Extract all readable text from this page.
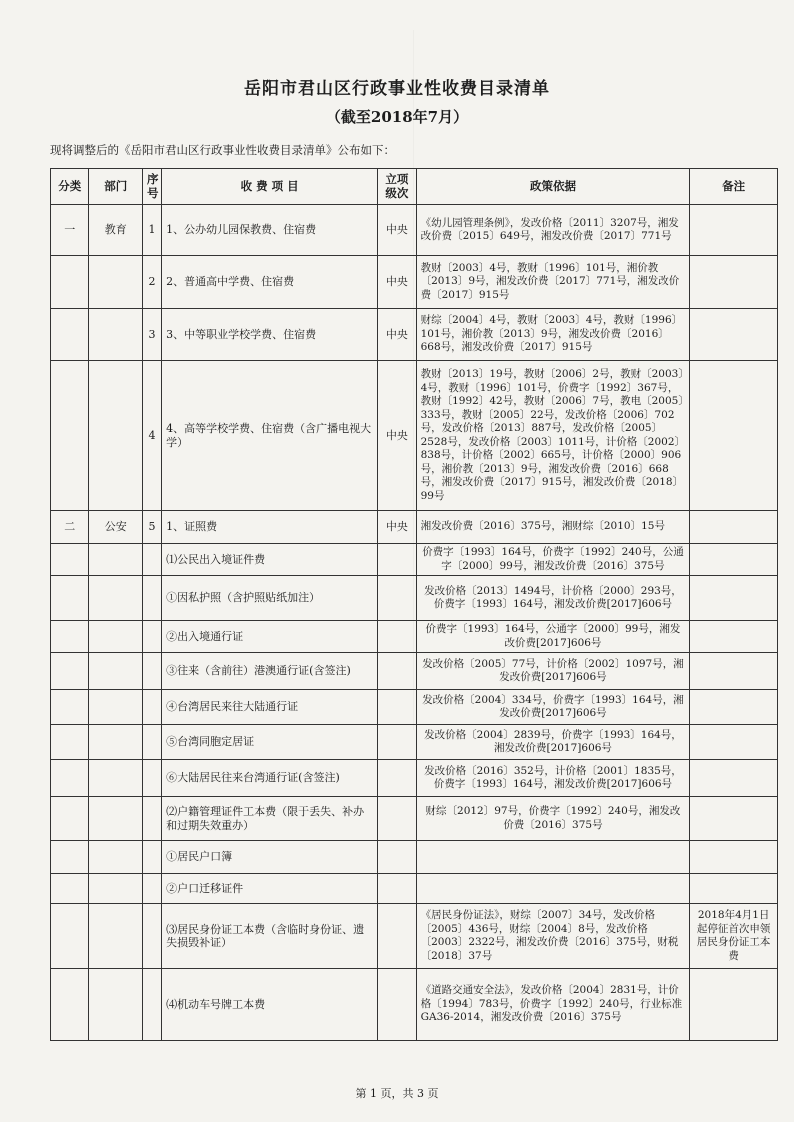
岳阳市君山区行政事业性收费目录清单
（截至2018年7月）
现将调整后的《岳阳市君山区行政事业性收费目录清单》公布如下：
分类	部门	序号	收 费 项 目	立项级次	政策依据	备注
一	教育	1	1、公办幼儿园保教费、住宿费	中央	《幼儿园管理条例》，发改价格〔2011〕3207号，湘发改价费〔2015〕649号，湘发改价费〔2017〕771号	
		2	2、普通高中学费、住宿费	中央	教财〔2003〕4号，教财〔1996〕101号，湘价教〔2013〕9号，湘发改价费〔2017〕771号，湘发改价费〔2017〕915号	
		3	3、中等职业学校学费、住宿费	中央	财综〔2004〕4号，教财〔2003〕4号，教财〔1996〕101号，湘价教〔2013〕9号，湘发改价费〔2016〕668号，湘发改价费〔2017〕915号	
		4	4、高等学校学费、住宿费（含广播电视大学）	中央	教财〔2013〕19号，教财〔2006〕2号，教财〔2003〕4号，教财〔1996〕101号，价费字〔1992〕367号，教财〔1992〕42号，教财〔2006〕7号，教电〔2005〕333号，教财〔2005〕22号，发改价格〔2006〕702号，发改价格〔2013〕887号，发改价格〔2005〕2528号，发改价格〔2003〕1011号，计价格〔2002〕838号，计价格〔2002〕665号，计价格〔2000〕906号，湘价教〔2013〕9号，湘发改价费〔2016〕668号，湘发改价费〔2017〕915号，湘发改价费〔2018〕99号	
二	公安	5	1、证照费	中央	湘发改价费〔2016〕375号，湘财综〔2010〕15号	
			⑴公民出入境证件费		价费字〔1993〕164号，价费字〔1992〕240号，公通字〔2000〕99号，湘发改价费〔2016〕375号	
			①因私护照（含护照贴纸加注）		发改价格〔2013〕1494号，计价格〔2000〕293号，价费字〔1993〕164号，湘发改价费[2017]606号	
			②出入境通行证		价费字〔1993〕164号，公通字〔2000〕99号，湘发改价费[2017]606号	
			③往来（含前往）港澳通行证(含签注)		发改价格〔2005〕77号，计价格〔2002〕1097号，湘发改价费[2017]606号	
			④台湾居民来往大陆通行证		发改价格〔2004〕334号，价费字〔1993〕164号，湘发改价费[2017]606号	
			⑤台湾同胞定居证		发改价格〔2004〕2839号，价费字〔1993〕164号，湘发改价费[2017]606号	
			⑥大陆居民往来台湾通行证(含签注)		发改价格〔2016〕352号，计价格〔2001〕1835号，价费字〔1993〕164号，湘发改价费[2017]606号	
			⑵户籍管理证件工本费（限于丢失、补办和过期失效重办）		财综〔2012〕97号，价费字〔1992〕240号，湘发改价费〔2016〕375号	
			①居民户口簿			
			②户口迁移证件			
			⑶居民身份证工本费（含临时身份证、遗失损毁补证）		《居民身份证法》，财综〔2007〕34号，发改价格〔2005〕436号，财综〔2004〕8号，发改价格〔2003〕2322号，湘发改价费〔2016〕375号，财税〔2018〕37号	2018年4月1日起停征首次申领居民身份证工本费
			⑷机动车号牌工本费		《道路交通安全法》，发改价格〔2004〕2831号，计价格〔1994〕783号，价费字〔1992〕240号，行业标准GA36-2014，湘发改价费〔2016〕375号	
第 1 页，共 3 页
